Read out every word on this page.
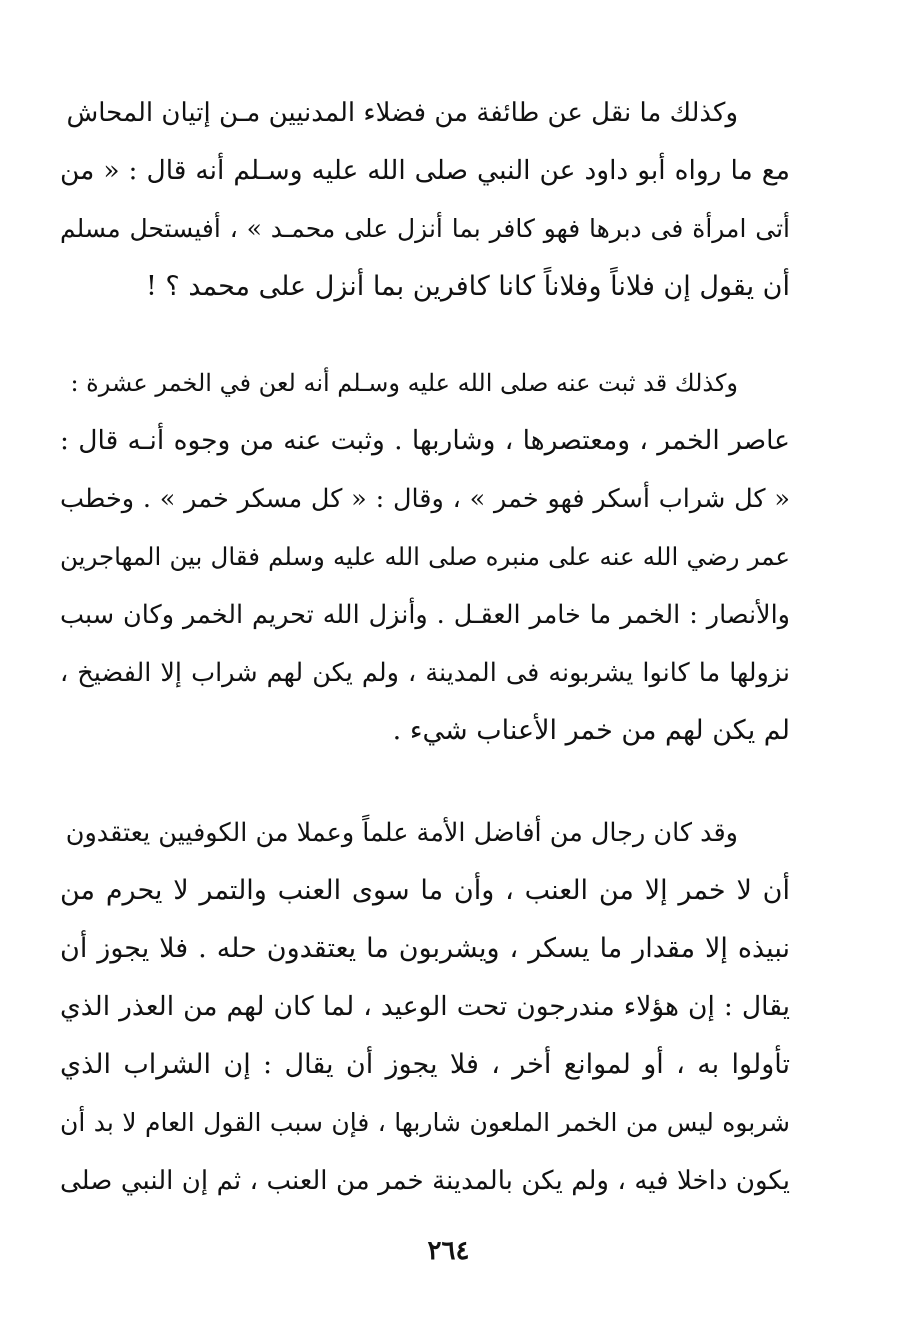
وكذلك ما نقل عن طائفة من فضلاء المدنيين مـن إتيان المحاش
مع ما رواه أبو داود عن النبي صلى الله عليه وسـلم أنه قال : « من
أتى امرأة فى دبرها فهو كافر بما أنزل على محمـد » ، أفيستحل مسلم
أن يقول إن فلاناً وفلاناً كانا كافرين بما أنزل على محمد ؟ !
وكذلك قد ثبت عنه صلى الله عليه وسـلم أنه لعن في الخمر عشرة :
عاصر الخمر ، ومعتصرها ، وشاربها . وثبت عنه من وجوه أنـه قال :
« كل شراب أسكر فهو خمر » ، وقال : « كل مسكر خمر » . وخطب
عمر رضي الله عنه على منبره صلى الله عليه وسلم فقال بين المهاجرين
والأنصار : الخمر ما خامر العقـل . وأنزل الله تحريم الخمر وكان سبب
نزولها ما كانوا يشربونه فى المدينة ، ولم يكن لهم شراب إلا الفضيخ ،
لم يكن لهم من خمر الأعناب شيء .
وقد كان رجال من أفاضل الأمة علماً وعملا من الكوفيين يعتقدون
أن لا خمر إلا من العنب ، وأن ما سوى العنب والتمر لا يحرم من
نبيذه إلا مقدار ما يسكر ، ويشربون ما يعتقدون حله . فلا يجوز أن
يقال : إن هؤلاء مندرجون تحت الوعيد ، لما كان لهم من العذر الذي
تأولوا به ، أو لموانع أخر ، فلا يجوز أن يقال : إن الشراب الذي
شربوه ليس من الخمر الملعون شاربها ، فإن سبب القول العام لا بد أن
يكون داخلا فيه ، ولم يكن بالمدينة خمر من العنب ، ثم إن النبي صلى
٢٦٤
